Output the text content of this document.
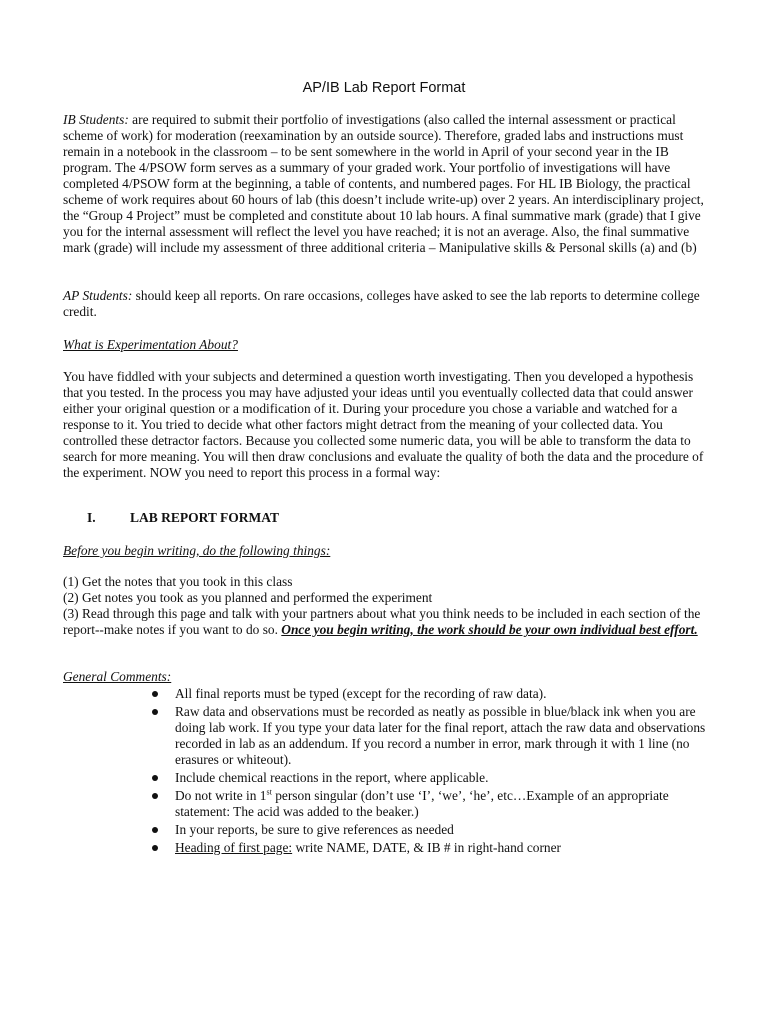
AP/IB Lab Report Format
IB Students: are required to submit their portfolio of investigations (also called the internal assessment or practical scheme of work) for moderation (reexamination by an outside source). Therefore, graded labs and instructions must remain in a notebook in the classroom – to be sent somewhere in the world in April of your second year in the IB program. The 4/PSOW form serves as a summary of your graded work. Your portfolio of investigations will have completed 4/PSOW form at the beginning, a table of contents, and numbered pages. For HL IB Biology, the practical scheme of work requires about 60 hours of lab (this doesn’t include write-up) over 2 years. An interdisciplinary project, the “Group 4 Project” must be completed and constitute about 10 lab hours. A final summative mark (grade) that I give you for the internal assessment will reflect the level you have reached; it is not an average. Also, the final summative mark (grade) will include my assessment of three additional criteria – Manipulative skills & Personal skills (a) and (b)
AP Students: should keep all reports. On rare occasions, colleges have asked to see the lab reports to determine college credit.
What is Experimentation About?
You have fiddled with your subjects and determined a question worth investigating. Then you developed a hypothesis that you tested. In the process you may have adjusted your ideas until you eventually collected data that could answer either your original question or a modification of it. During your procedure you chose a variable and watched for a response to it. You tried to decide what other factors might detract from the meaning of your collected data. You controlled these detractor factors. Because you collected some numeric data, you will be able to transform the data to search for more meaning. You will then draw conclusions and evaluate the quality of both the data and the procedure of the experiment. NOW you need to report this process in a formal way:
I.	LAB REPORT FORMAT
Before you begin writing, do the following things:
(1) Get the notes that you took in this class
(2) Get notes you took as you planned and performed the experiment
(3) Read through this page and talk with your partners about what you think needs to be included in each section of the report--make notes if you want to do so. Once you begin writing, the work should be your own individual best effort.
General Comments:
All final reports must be typed (except for the recording of raw data).
Raw data and observations must be recorded as neatly as possible in blue/black ink when you are doing lab work. If you type your data later for the final report, attach the raw data and observations recorded in lab as an addendum. If you record a number in error, mark through it with 1 line (no erasures or whiteout).
Include chemical reactions in the report, where applicable.
Do not write in 1st person singular (don’t use ‘I’, ‘we’, ‘he’, etc…Example of an appropriate statement: The acid was added to the beaker.)
In your reports, be sure to give references as needed
Heading of first page: write NAME, DATE, & IB # in right-hand corner
